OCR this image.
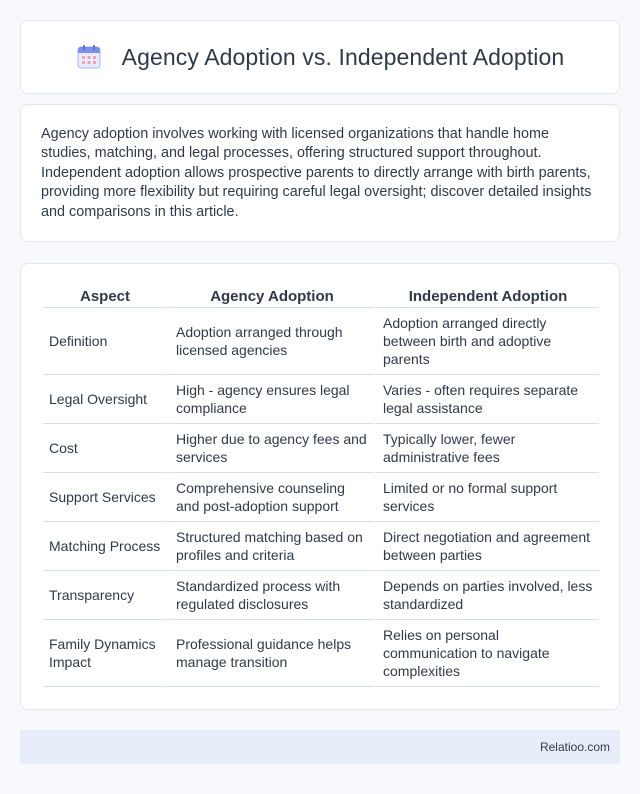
Agency Adoption vs. Independent Adoption

Agency adoption involves working with licensed organizations that handle home studies, matching, and legal processes, offering structured support throughout. Independent adoption allows prospective parents to directly arrange with birth parents, providing more flexibility but requiring careful legal oversight; discover detailed insights and comparisons in this article.

Aspect	Agency Adoption	Independent Adoption
Definition	Adoption arranged through licensed agencies	Adoption arranged directly between birth and adoptive parents
Legal Oversight	High - agency ensures legal compliance	Varies - often requires separate legal assistance
Cost	Higher due to agency fees and services	Typically lower, fewer administrative fees
Support Services	Comprehensive counseling and post-adoption support	Limited or no formal support services
Matching Process	Structured matching based on profiles and criteria	Direct negotiation and agreement between parties
Transparency	Standardized process with regulated disclosures	Depends on parties involved, less standardized
Family Dynamics Impact	Professional guidance helps manage transition	Relies on personal communication to navigate complexities
Relatioo.com
